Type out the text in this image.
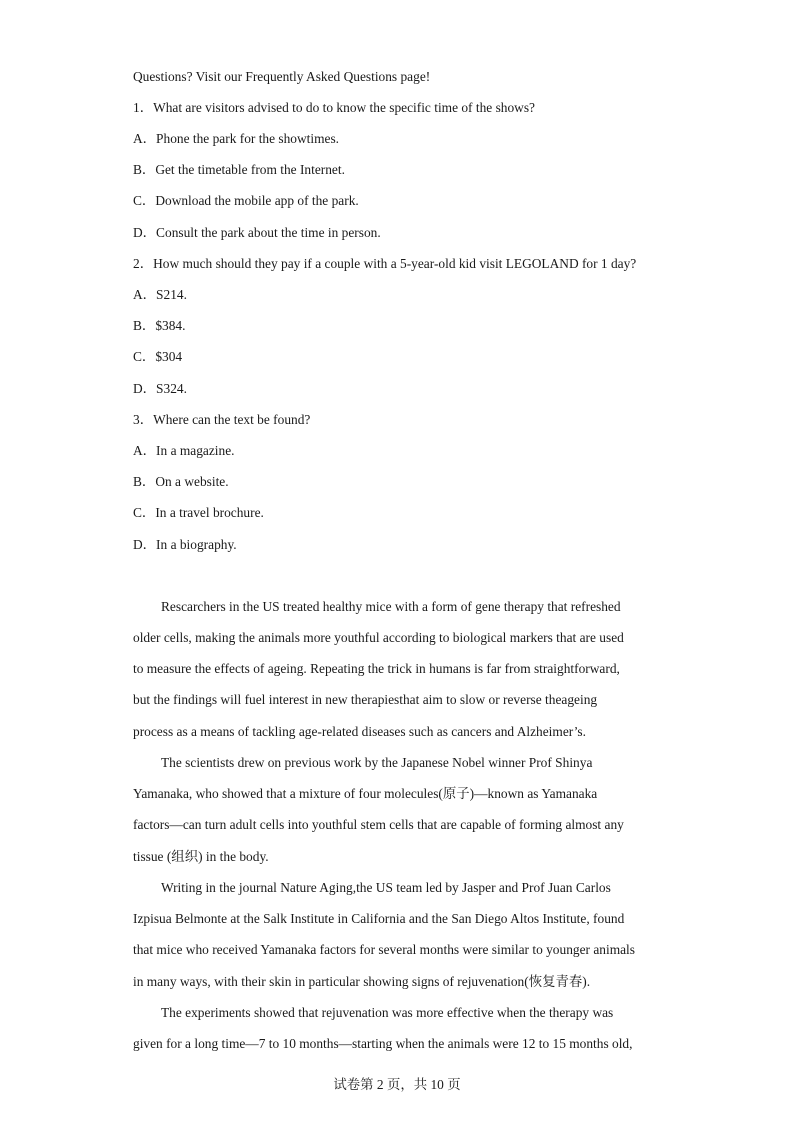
Questions? Visit our Frequently Asked Questions page!
1．What are visitors advised to do to know the specific time of the shows?
A．Phone the park for the showtimes.
B．Get the timetable from the Internet.
C．Download the mobile app of the park.
D．Consult the park about the time in person.
2．How much should they pay if a couple with a 5-year-old kid visit LEGOLAND for 1 day?
A．S214.
B．$384.
C．$304
D．S324.
3．Where can the text be found?
A．In a magazine.
B．On a website.
C．In a travel brochure.
D．In a biography.
Rescarchers in the US treated healthy mice with a form of gene therapy that refreshed
older cells, making the animals more youthful according to biological markers that are used
to measure the effects of ageing. Repeating the trick in humans is far from straightforward,
but the findings will fuel interest in new therapiesthat aim to slow or reverse theageing
process as a means of tackling age-related diseases such as cancers and Alzheimer’s.
The scientists drew on previous work by the Japanese Nobel winner Prof Shinya
Yamanaka, who showed that a mixture of four molecules(原子)—known as Yamanaka
factors—can turn adult cells into youthful stem cells that are capable of forming almost any
tissue (组织) in the body.
Writing in the journal Nature Aging,the US team led by Jasper and Prof Juan Carlos
Izpisua Belmonte at the Salk Institute in California and the San Diego Altos Institute, found
that mice who received Yamanaka factors for several months were similar to younger animals
in many ways, with their skin in particular showing signs of rejuvenation(恢复青春).
The experiments showed that rejuvenation was more effective when the therapy was
given for a long time—7 to 10 months—starting when the animals were 12 to 15 months old,
试卷第 2 页，共 10 页
